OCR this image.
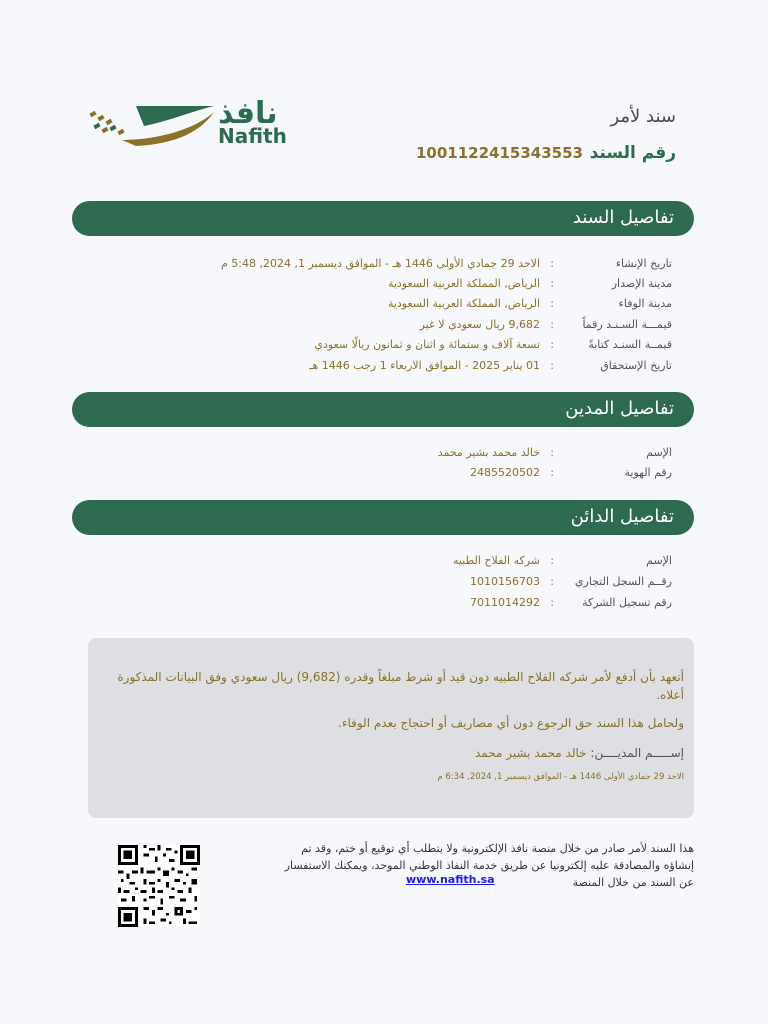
نافذ
Nafith
سند لأمر
رقم السند
1001122415343553
تفاصيل السند
تاريخ الإنشاء
:
الاحد 29 جمادي الأولى 1446 هـ - الموافق ديسمبر 1, 2024, 5:48 م
مدينة الإصدار
:
الرياض, المملكة العربية السعودية
مدينة الوفاء
:
الرياض, المملكة العربية السعودية
قيمـــة السـنـد رقماً
:
9,682 ريال سعودي لا غير
قيمــة السنـد كتابةً
:
تسعة آلاف و ستمائة و اثنان و ثمانون ريالًا سعودي
تاريخ الإستحقاق
:
01 يناير 2025 - الموافق الاربعاء 1 رجب 1446 هـ
تفاصيل المدين
الإسم
:
خالد محمد بشير محمد
رقم الهوية
:
2485520502
تفاصيل الدائن
الإسم
:
شركه الفلاح الطبيه
رقــم السجل التجاري
:
1010156703
رقم تسجيل الشركة
:
7011014292

أتعهد بأن أدفع لأمر شركه الفلاح الطبيه دون قيد أو شرط مبلغاً وقدره (9,682) ريال سعودي وفق البيانات المذكورة أعلاه.

ولحامل هذا السند حق الرجوع دون أي مصاريف أو احتجاج بعدم الوفاء.

إســـــم المديــــن: خالد محمد بشير محمد

الاحد 29 جمادي الأولى 1446 هـ - الموافق ديسمبر 1, 2024, 6:34 م

هذا السند لأمر صادر من خلال منصة نافذ الإلكترونية ولا يتطلب أي توقيع أو ختم، وقد تم إنشاؤه والمصادقة عليه إلكترونيا عن طريق خدمة النفاذ الوطني الموحد، ويمكنك الاستفسار عن السند من خلال المنصة
www.nafith.sa
